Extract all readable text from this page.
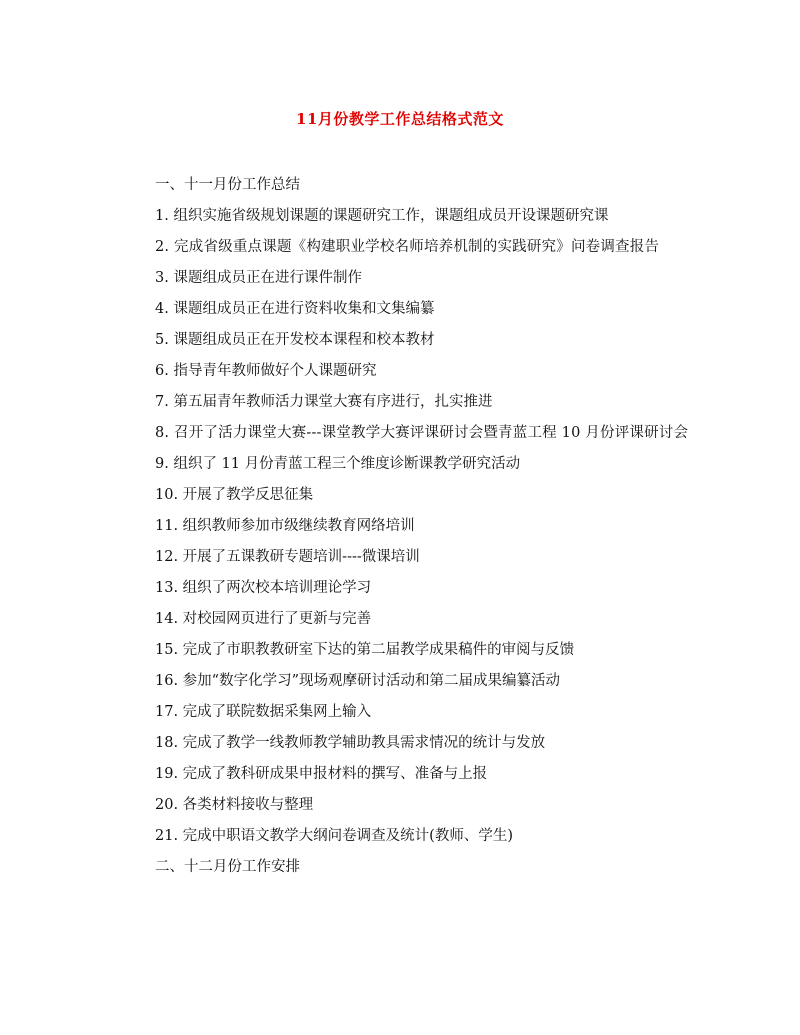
11月份教学工作总结格式范文

一、十一月份工作总结

1. 组织实施省级规划课题的课题研究工作，课题组成员开设课题研究课

2. 完成省级重点课题《构建职业学校名师培养机制的实践研究》问卷调查报告

3. 课题组成员正在进行课件制作

4. 课题组成员正在进行资料收集和文集编纂

5. 课题组成员正在开发校本课程和校本教材

6. 指导青年教师做好个人课题研究

7. 第五届青年教师活力课堂大赛有序进行，扎实推进

8. 召开了活力课堂大赛---课堂教学大赛评课研讨会暨青蓝工程 10 月份评课研讨会

9. 组织了 11 月份青蓝工程三个维度诊断课教学研究活动

10. 开展了教学反思征集

11. 组织教师参加市级继续教育网络培训

12. 开展了五课教研专题培训----微课培训

13. 组织了两次校本培训理论学习

14. 对校园网页进行了更新与完善

15. 完成了市职教教研室下达的第二届教学成果稿件的审阅与反馈

16. 参加“数字化学习”现场观摩研讨活动和第二届成果编纂活动

17. 完成了联院数据采集网上输入

18. 完成了教学一线教师教学辅助教具需求情况的统计与发放

19. 完成了教科研成果申报材料的撰写、准备与上报

20. 各类材料接收与整理

21. 完成中职语文教学大纲问卷调查及统计(教师、学生)

二、十二月份工作安排
